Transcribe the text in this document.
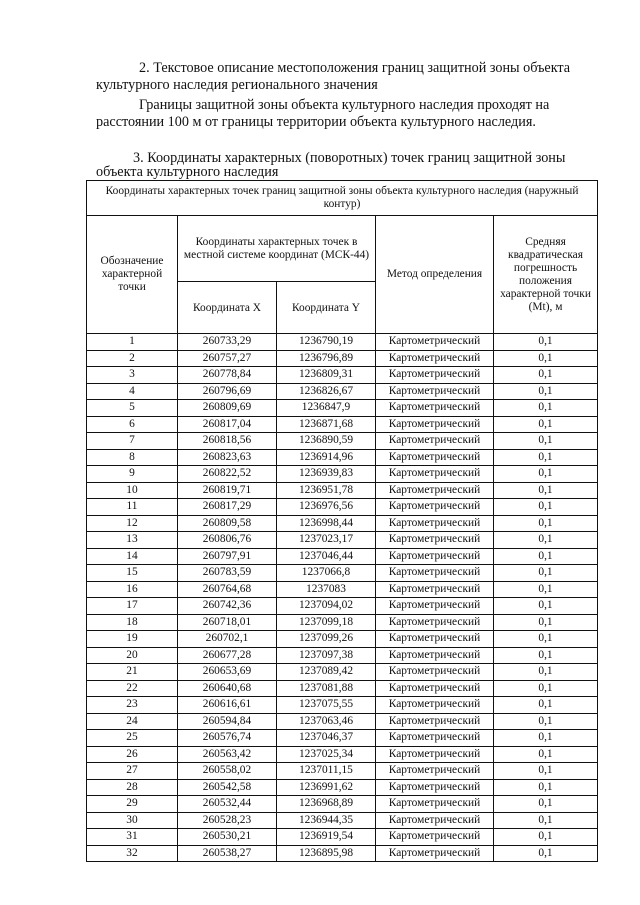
2. Текстовое описание местоположения границ защитной зоны объекта
культурного наследия регионального значения
Границы защитной зоны объекта культурного наследия проходят на
расстоянии 100 м от границы территории объекта культурного наследия.
3. Координаты характерных (поворотных) точек границ защитной зоны
объекта культурного наследия
Координаты характерных точек границ защитной зоны объекта культурного наследия (наружный контур)				
Обозначение характерной точки	Координаты характерных точек в местной системе координат (МСК-44)		Метод определения	Средняя квадратическая погрешность положения характерной точки (Mt), м
	Координата X	Координата Y		
1	260733,29	1236790,19	Картометрический	0,1
2	260757,27	1236796,89	Картометрический	0,1
3	260778,84	1236809,31	Картометрический	0,1
4	260796,69	1236826,67	Картометрический	0,1
5	260809,69	1236847,9	Картометрический	0,1
6	260817,04	1236871,68	Картометрический	0,1
7	260818,56	1236890,59	Картометрический	0,1
8	260823,63	1236914,96	Картометрический	0,1
9	260822,52	1236939,83	Картометрический	0,1
10	260819,71	1236951,78	Картометрический	0,1
11	260817,29	1236976,56	Картометрический	0,1
12	260809,58	1236998,44	Картометрический	0,1
13	260806,76	1237023,17	Картометрический	0,1
14	260797,91	1237046,44	Картометрический	0,1
15	260783,59	1237066,8	Картометрический	0,1
16	260764,68	1237083	Картометрический	0,1
17	260742,36	1237094,02	Картометрический	0,1
18	260718,01	1237099,18	Картометрический	0,1
19	260702,1	1237099,26	Картометрический	0,1
20	260677,28	1237097,38	Картометрический	0,1
21	260653,69	1237089,42	Картометрический	0,1
22	260640,68	1237081,88	Картометрический	0,1
23	260616,61	1237075,55	Картометрический	0,1
24	260594,84	1237063,46	Картометрический	0,1
25	260576,74	1237046,37	Картометрический	0,1
26	260563,42	1237025,34	Картометрический	0,1
27	260558,02	1237011,15	Картометрический	0,1
28	260542,58	1236991,62	Картометрический	0,1
29	260532,44	1236968,89	Картометрический	0,1
30	260528,23	1236944,35	Картометрический	0,1
31	260530,21	1236919,54	Картометрический	0,1
32	260538,27	1236895,98	Картометрический	0,1
